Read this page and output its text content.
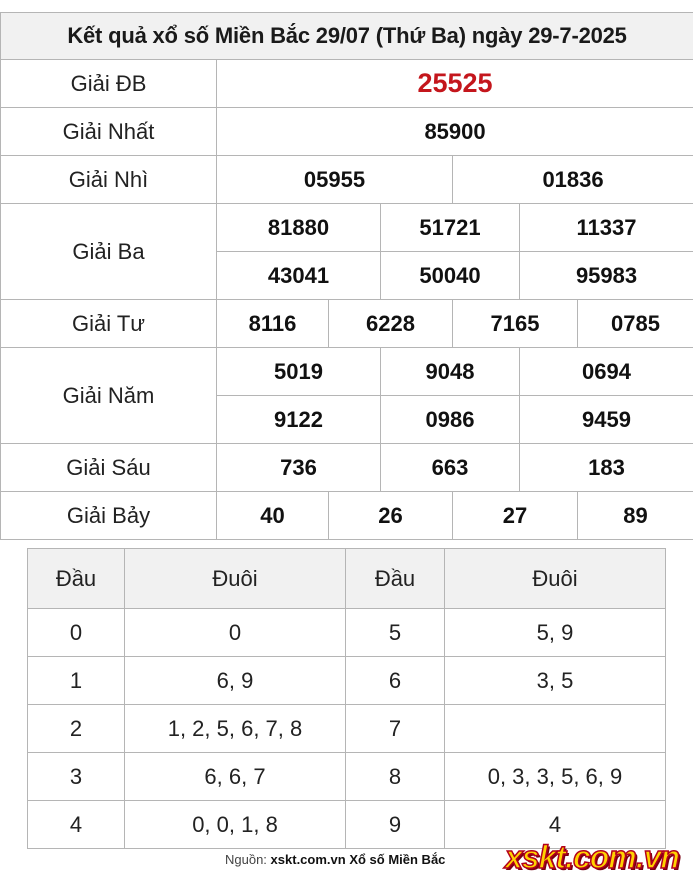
Kết quả xổ số Miền Bắc 29/07 (Thứ Ba) ngày 29-7-2025						
Giải ĐB	25525					
Giải Nhất	85900					
Giải Nhì	05955			01836		
Giải Ba	81880		51721		11337	
	43041		50040		95983	
Giải Tư	8116	6228		7165		0785
Giải Năm	5019		9048		0694	
	9122		0986		9459	
Giải Sáu	736		663		183	
Giải Bảy	40	26		27		89
Đầu	Đuôi	Đầu	Đuôi
0	0	5	5, 9
1	6, 9	6	3, 5
2	1, 2, 5, 6, 7, 8	7	
3	6, 6, 7	8	0, 3, 3, 5, 6, 9
4	0, 0, 1, 8	9	4
Nguồn: xskt.com.vn Xổ số Miền Bắc xskt.com.vn
